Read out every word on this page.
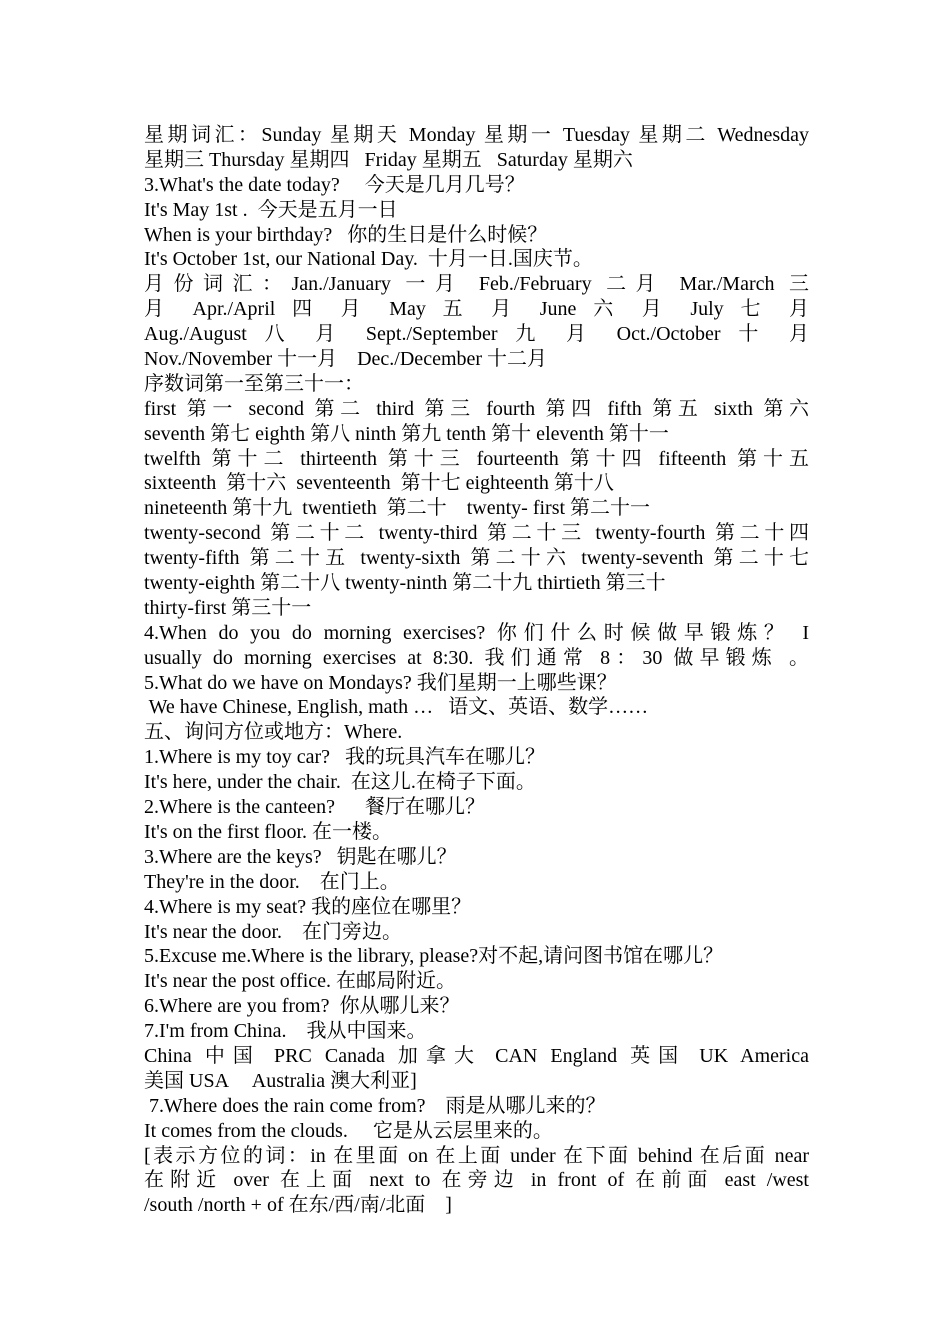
星期词汇：Sunday 星期天 Monday 星期一 Tuesday 星期二 Wednesday
星期三 Thursday 星期四   Friday 星期五   Saturday 星期六
3.What's the date today?     今天是几月几号？
It's May 1st .  今天是五月一日
When is your birthday?   你的生日是什么时候？
It's October 1st, our National Day.  十月一日.国庆节。
月份词汇：Jan./January 一月 Feb./February 二月 Mar./March 三
月 Apr./April 四 月 May 五 月 June 六 月 July 七 月
Aug./August 八 月 Sept./September 九 月 Oct./October 十 月
Nov./November 十一月    Dec./December 十二月
序数词第一至第三十一：
first 第一 second 第二 third 第三 fourth 第四 fifth 第五 sixth 第六
seventh 第七 eighth 第八 ninth 第九 tenth 第十 eleventh 第十一
twelfth 第十二 thirteenth 第十三 fourteenth 第十四 fifteenth 第十五
sixteenth  第十六  seventeenth  第十七 eighteenth 第十八
nineteenth 第十九  twentieth  第二十    twenty- first 第二十一
twenty-second 第二十二 twenty-third 第二十三 twenty-fourth 第二十四
twenty-fifth 第二十五 twenty-sixth 第二十六 twenty-seventh 第二十七
twenty-eighth 第二十八 twenty-ninth 第二十九 thirtieth 第三十
thirty-first 第三十一
4.When do you do morning exercises? 你们什么时候做早锻炼？ I
usually do morning exercises at 8:30. 我们通常 8：30 做早锻炼 。
5.What do we have on Mondays? 我们星期一上哪些课？
We have Chinese, English, math …   语文、英语、数学……
五、询问方位或地方：Where.
1.Where is my toy car?   我的玩具汽车在哪儿？
It's here, under the chair.  在这儿.在椅子下面。
2.Where is the canteen?      餐厅在哪儿？
It's on the first floor. 在一楼。
3.Where are the keys?   钥匙在哪儿？
They're in the door.    在门上。
4.Where is my seat? 我的座位在哪里？
It's near the door.    在门旁边。
5.Excuse me.Where is the library, please?对不起,请问图书馆在哪儿？
It's near the post office. 在邮局附近。
6.Where are you from?  你从哪儿来？
7.I'm from China.    我从中国来。
China 中国 PRC Canada 加拿大 CAN England 英国 UK America
美国 USA     Australia 澳大利亚]
7.Where does the rain come from?    雨是从哪儿来的？
It comes from the clouds.     它是从云层里来的。
[表示方位的词：in 在里面 on 在上面 under 在下面 behind 在后面 near
在附近 over 在上面 next to 在旁边 in front of 在前面 east /west
/south /north + of 在东/西/南/北面    ]
